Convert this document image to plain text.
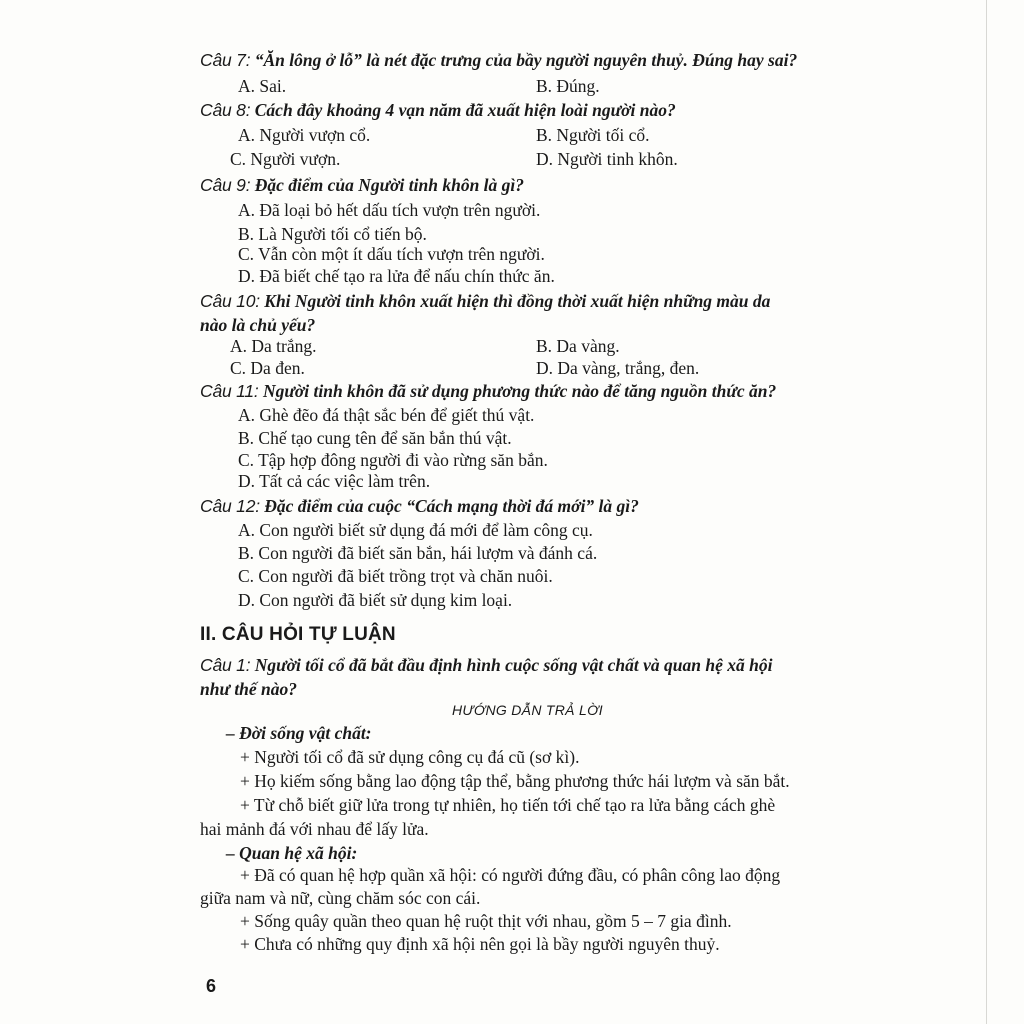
Câu 7: “Ăn lông ở lỗ” là nét đặc trưng của bầy người nguyên thuỷ. Đúng hay sai?
A. Sai.	B. Đúng.
Câu 8: Cách đây khoảng 4 vạn năm đã xuất hiện loài người nào?
A. Người vượn cổ.	B. Người tối cổ.
C. Người vượn.	D. Người tinh khôn.
Câu 9: Đặc điểm của Người tinh khôn là gì?
A. Đã loại bỏ hết dấu tích vượn trên người.
B. Là Người tối cổ tiến bộ.
C. Vẫn còn một ít dấu tích vượn trên người.
D. Đã biết chế tạo ra lửa để nấu chín thức ăn.
Câu 10: Khi Người tinh khôn xuất hiện thì đồng thời xuất hiện những màu da
nào là chủ yếu?
A. Da trắng.	B. Da vàng.
C. Da đen.	D. Da vàng, trắng, đen.
Câu 11: Người tinh khôn đã sử dụng phương thức nào để tăng nguồn thức ăn?
A. Ghè đẽo đá thật sắc bén để giết thú vật.
B. Chế tạo cung tên để săn bắn thú vật.
C. Tập hợp đông người đi vào rừng săn bắn.
D. Tất cả các việc làm trên.
Câu 12: Đặc điểm của cuộc “Cách mạng thời đá mới” là gì?
A. Con người biết sử dụng đá mới để làm công cụ.
B. Con người đã biết săn bắn, hái lượm và đánh cá.
C. Con người đã biết trồng trọt và chăn nuôi.
D. Con người đã biết sử dụng kim loại.
II. CÂU HỎI TỰ LUẬN
Câu 1: Người tối cổ đã bắt đầu định hình cuộc sống vật chất và quan hệ xã hội
như thế nào?
HƯỚNG DẪN TRẢ LỜI
– Đời sống vật chất:
+ Người tối cổ đã sử dụng công cụ đá cũ (sơ kì).
+ Họ kiếm sống bằng lao động tập thể, bằng phương thức hái lượm và săn bắt.
+ Từ chỗ biết giữ lửa trong tự nhiên, họ tiến tới chế tạo ra lửa bằng cách ghè
hai mảnh đá với nhau để lấy lửa.
– Quan hệ xã hội:
+ Đã có quan hệ hợp quần xã hội: có người đứng đầu, có phân công lao động
giữa nam và nữ, cùng chăm sóc con cái.
+ Sống quây quần theo quan hệ ruột thịt với nhau, gồm 5 – 7 gia đình.
+ Chưa có những quy định xã hội nên gọi là bầy người nguyên thuỷ.
6
